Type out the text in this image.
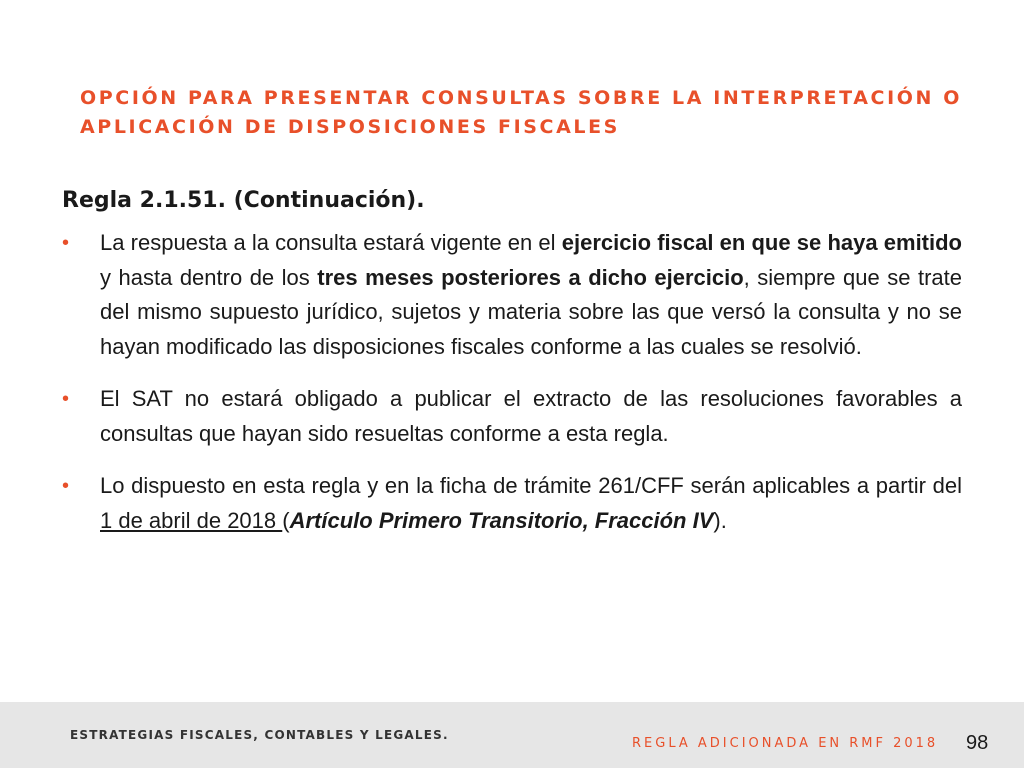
OPCIÓN PARA PRESENTAR CONSULTAS SOBRE LA INTERPRETACIÓN O
APLICACIÓN DE DISPOSICIONES FISCALES
Regla 2.1.51. (Continuación).
• La respuesta a la consulta estará vigente en el ejercicio fiscal en que se haya emitido y hasta dentro de los tres meses posteriores a dicho ejercicio, siempre que se trate del mismo supuesto jurídico, sujetos y materia sobre las que versó la consulta y no se hayan modificado las disposiciones fiscales conforme a las cuales se resolvió.
• El SAT no estará obligado a publicar el extracto de las resoluciones favorables a consultas que hayan sido resueltas conforme a esta regla.
• Lo dispuesto en esta regla y en la ficha de trámite 261/CFF serán aplicables a partir del 1 de abril de 2018 (Artículo Primero Transitorio, Fracción IV).
ESTRATEGIAS FISCALES, CONTABLES Y LEGALES.
REGLA ADICIONADA EN RMF 2018 98
